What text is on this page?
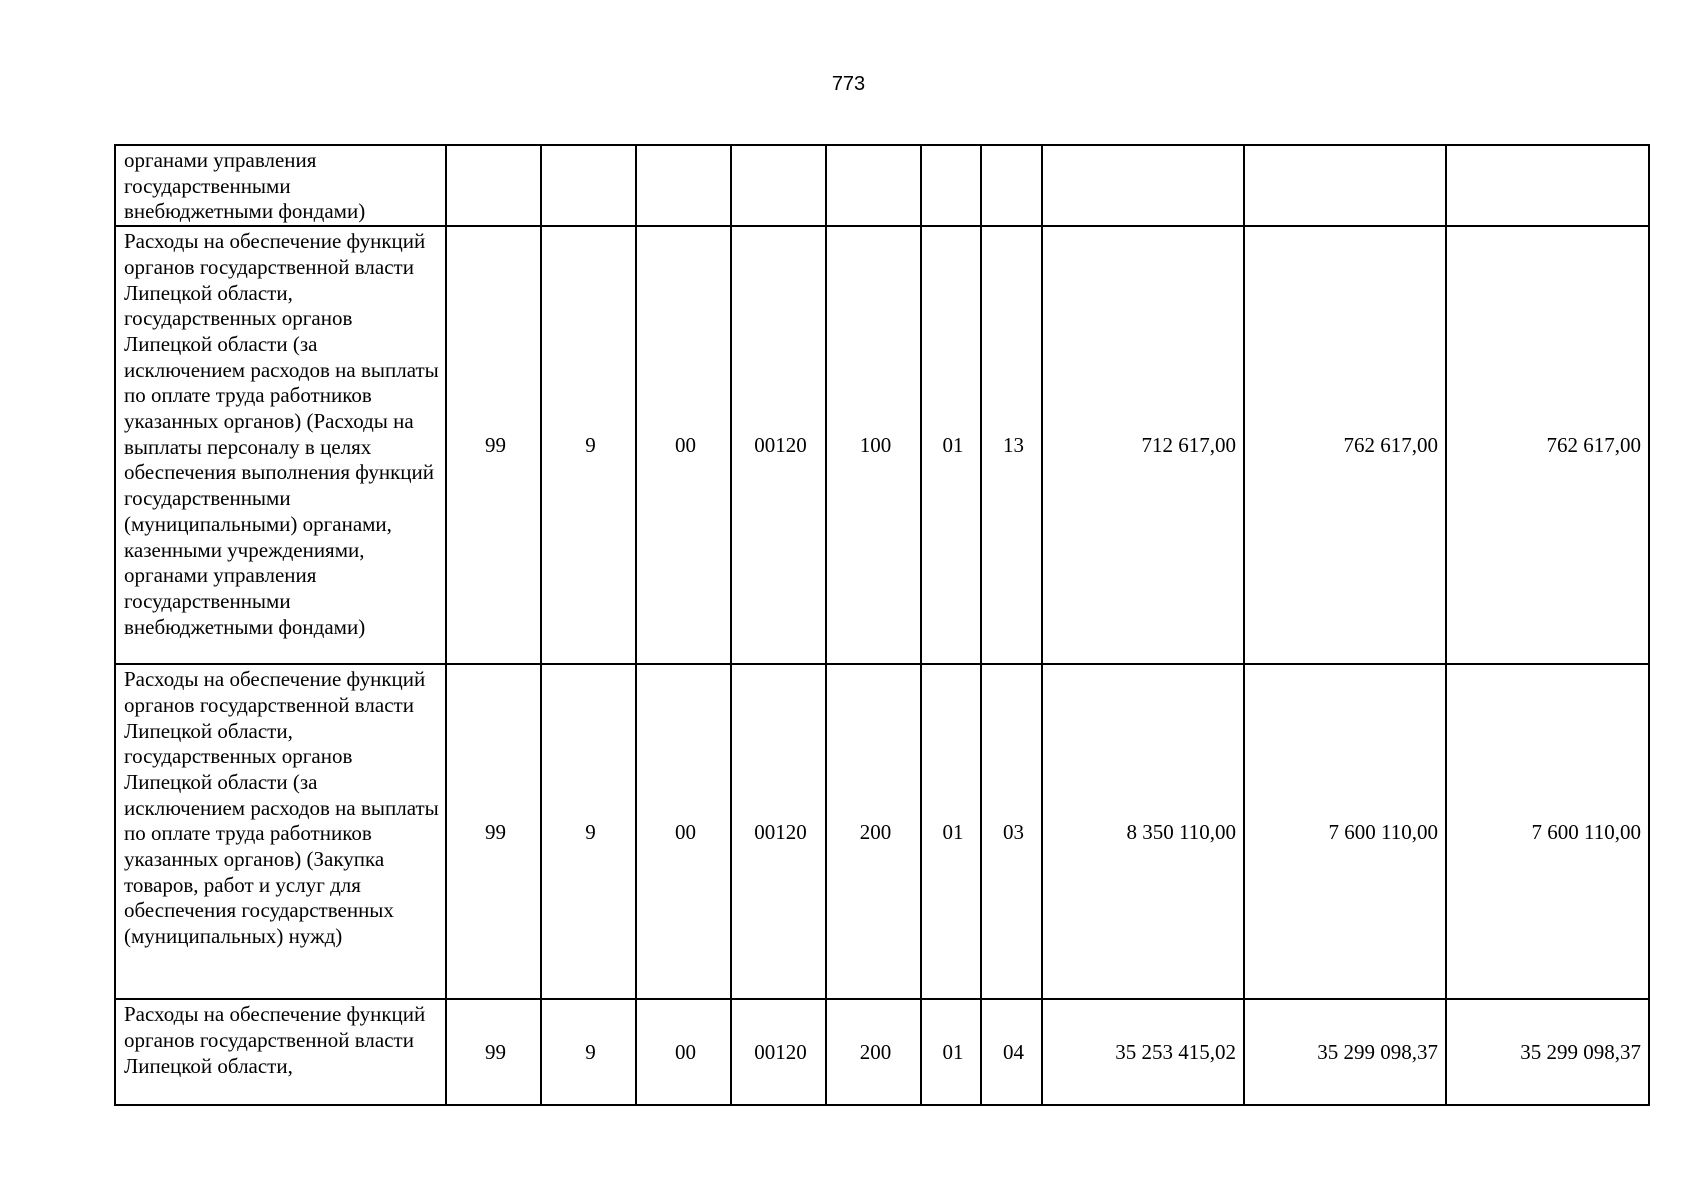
773
органами управления государственными внебюджетными фондами)										
Расходы на обеспечение функций органов государственной власти Липецкой области, государственных органов Липецкой области (за исключением расходов на выплаты по оплате труда работников указанных органов) (Расходы на выплаты персоналу в целях обеспечения выполнения функций государственными (муниципальными) органами, казенными учреждениями, органами управления государственными внебюджетными фондами)	99	9	00	00120	100	01	13	712 617,00	762 617,00	762 617,00
Расходы на обеспечение функций органов государственной власти Липецкой области, государственных органов Липецкой области (за исключением расходов на выплаты по оплате труда работников указанных органов) (Закупка товаров, работ и услуг для обеспечения государственных (муниципальных) нужд)	99	9	00	00120	200	01	03	8 350 110,00	7 600 110,00	7 600 110,00
Расходы на обеспечение функций органов государственной власти Липецкой области,	99	9	00	00120	200	01	04	35 253 415,02	35 299 098,37	35 299 098,37
